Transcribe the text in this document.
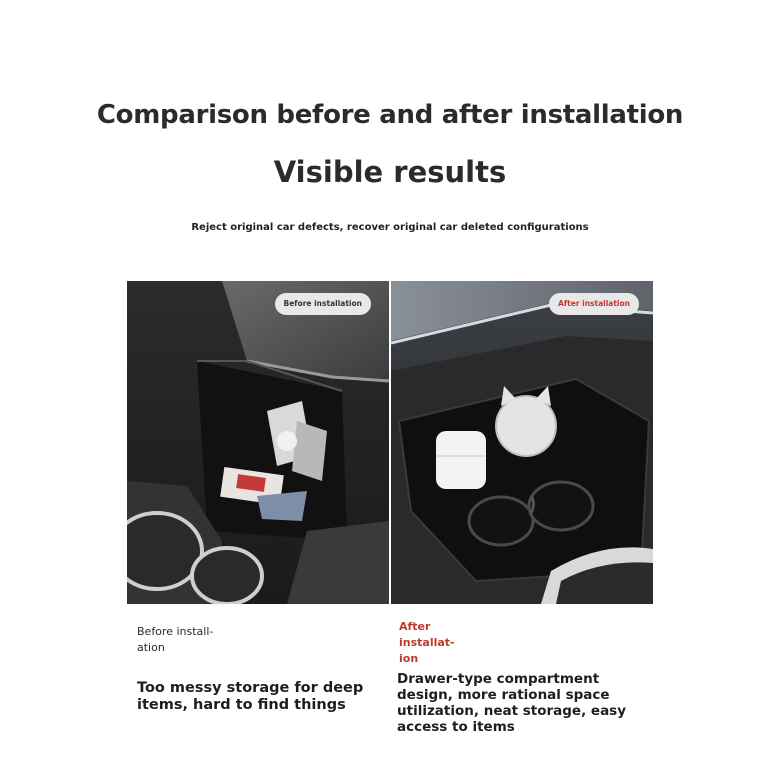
Comparison before and after installation
Visible results
Reject original car defects, recover original car deleted configurations
Before installation	After installation
Before install-
ation
After installat-
ion
Too messy storage for deep items, hard to find things
Drawer-type compartment design, more rational space utilization, neat storage, easy access to items
